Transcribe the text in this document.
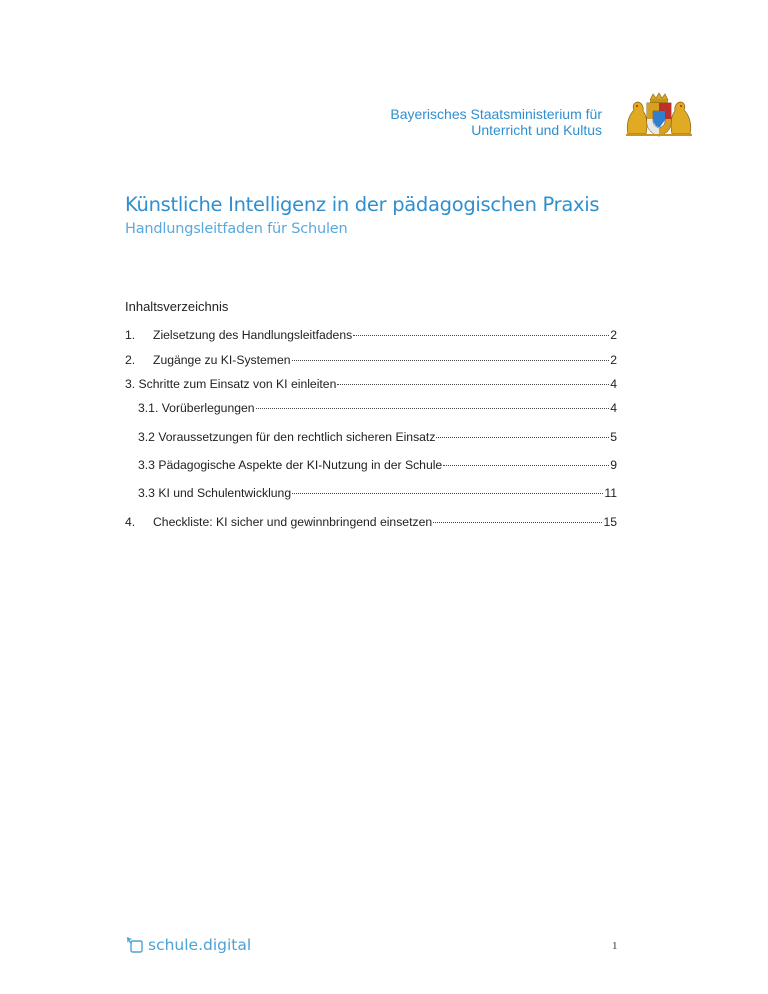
Bayerisches Staatsministerium für
Unterricht und Kultus
Künstliche Intelligenz in der pädagogischen Praxis
Handlungsleitfaden für Schulen
Inhaltsverzeichnis
1.	Zielsetzung des Handlungsleitfadens	2
2.	Zugänge zu KI-Systemen	2
3. Schritte zum Einsatz von KI einleiten	4
3.1. Vorüberlegungen	4
3.2 Voraussetzungen für den rechtlich sicheren Einsatz	5
3.3 Pädagogische Aspekte der KI-Nutzung in der Schule	9
3.3 KI und Schulentwicklung	11
4.	Checkliste: KI sicher und gewinnbringend einsetzen	15
schule.digital	1
